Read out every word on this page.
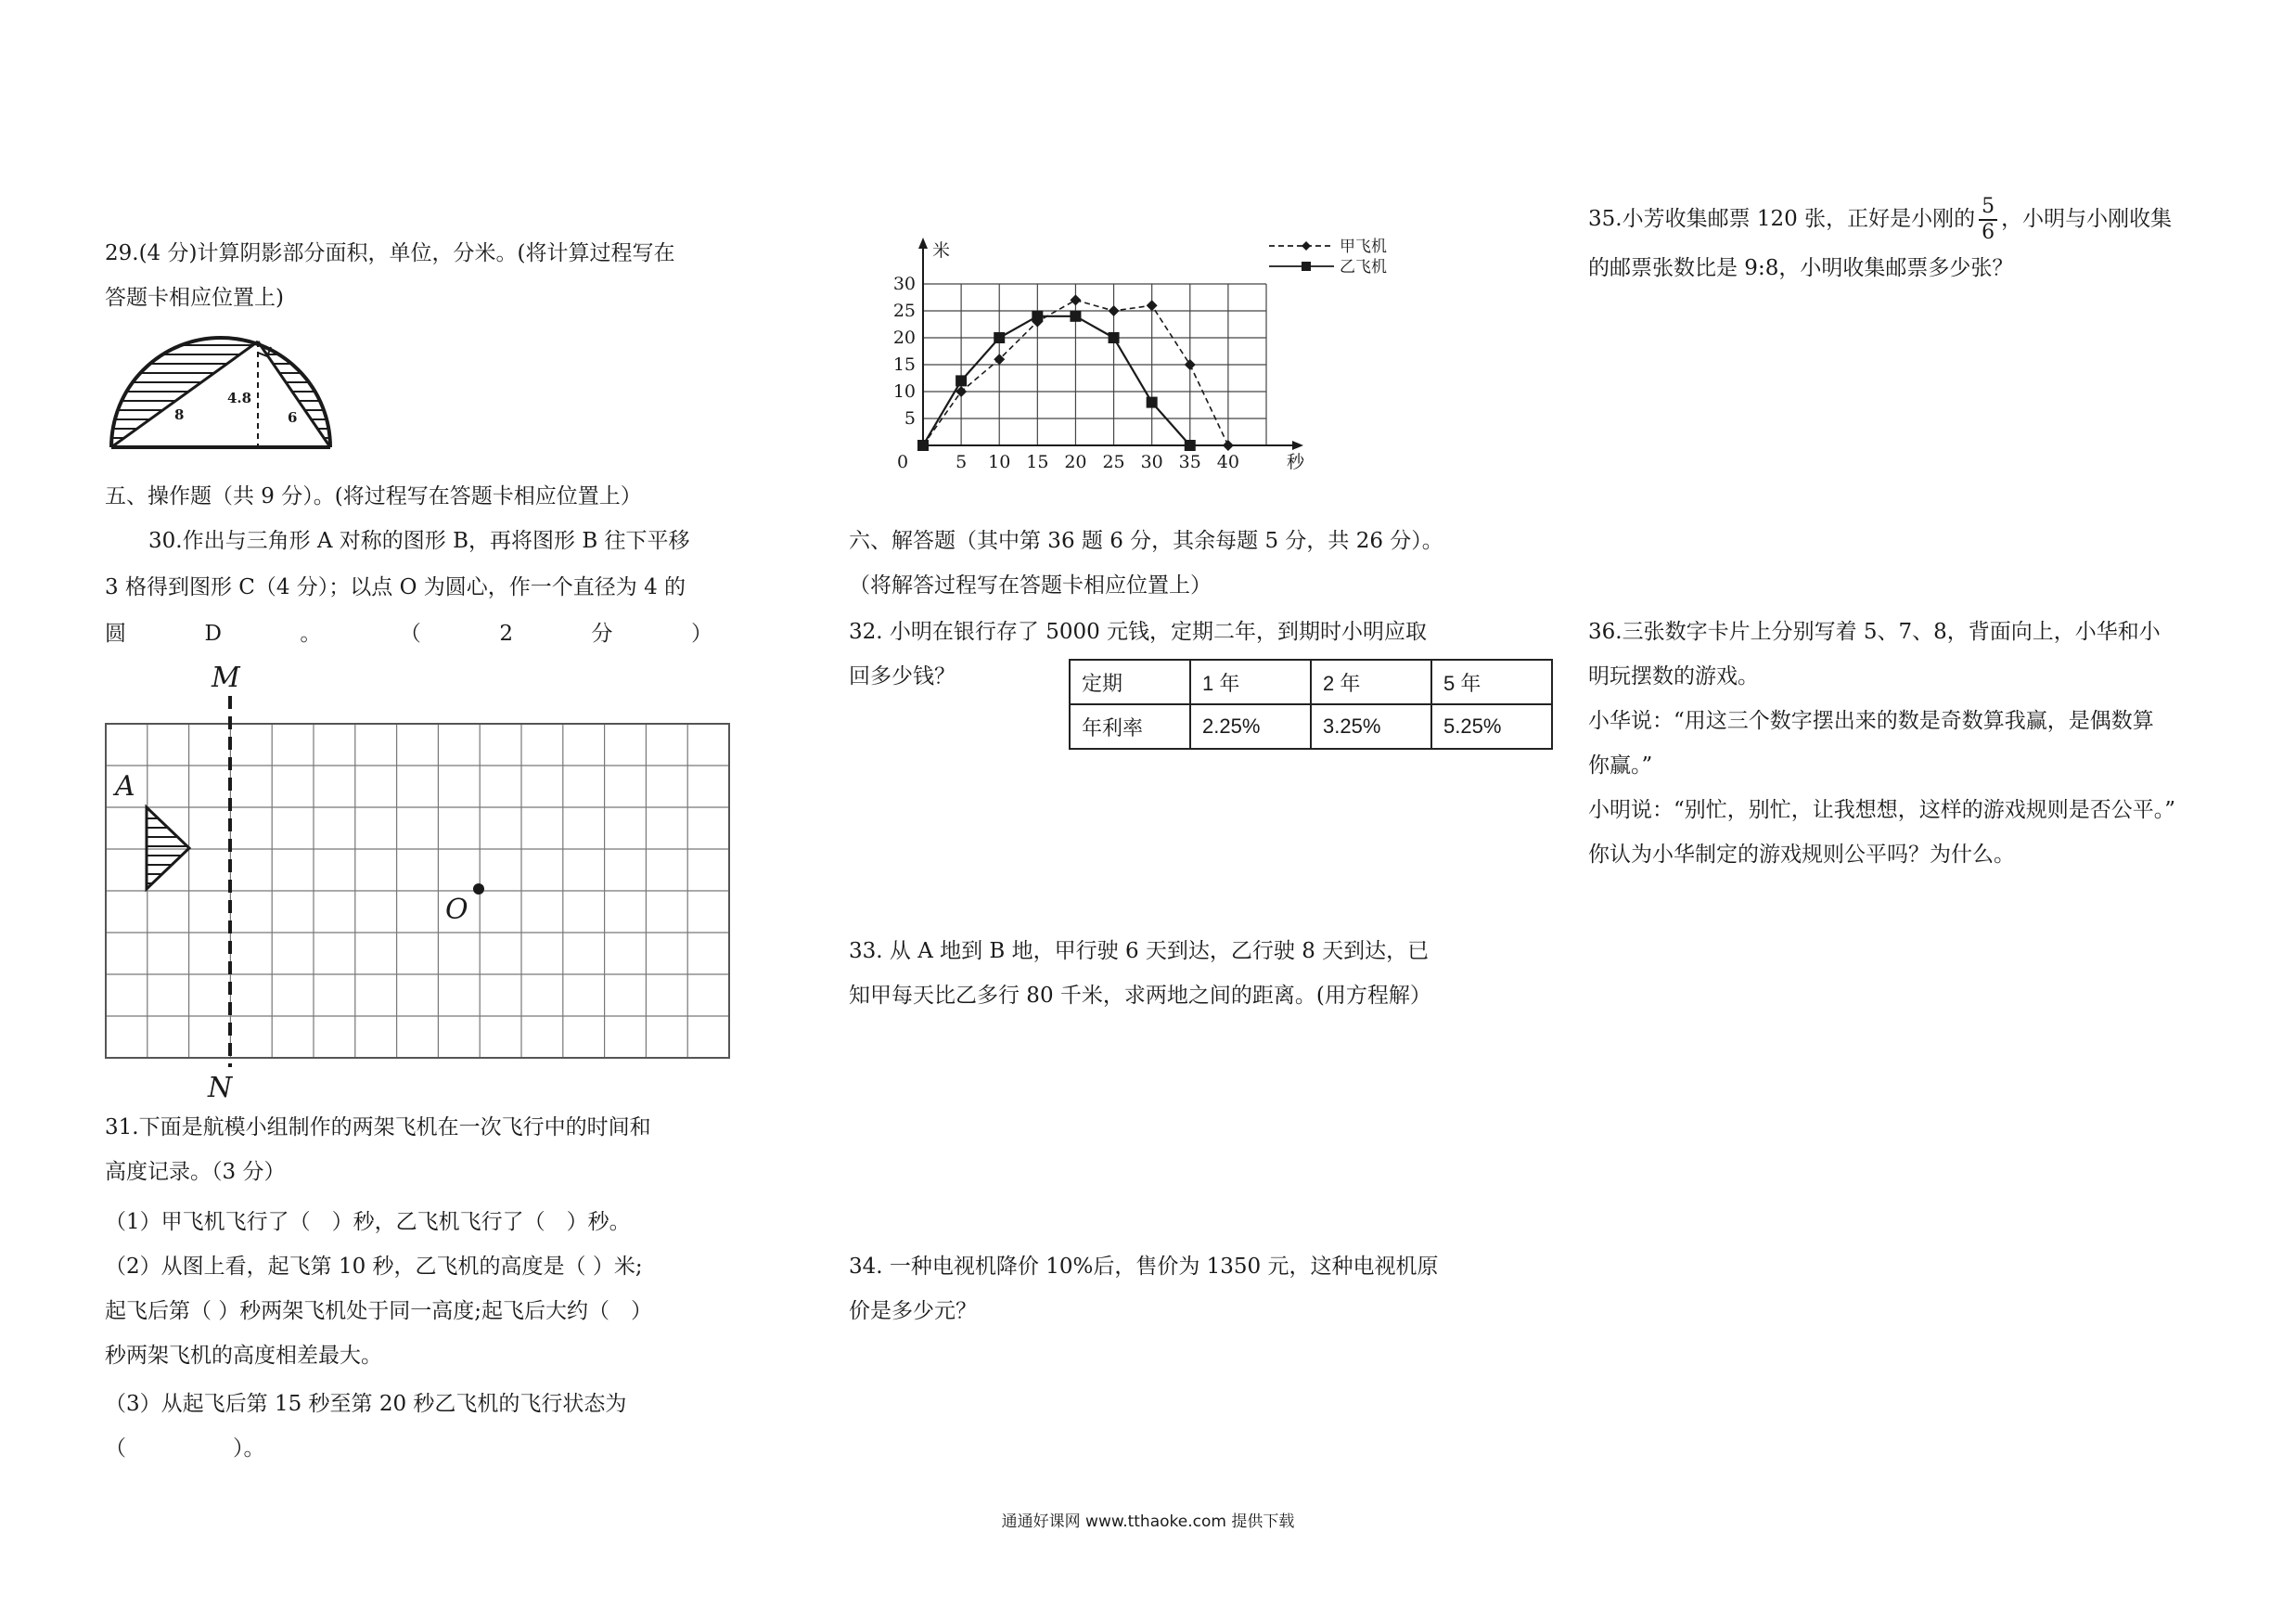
29.(4 分)计算阴影部分面积，单位，分米。(将计算过程写在
答题卡相应位置上)
4.8
8	6
五、操作题（共 9 分）。(将过程写在答题卡相应位置上）
30.作出与三角形 A 对称的图形 B，再将图形 B 往下平移
3 格得到图形 C（4 分）；以点 O 为圆心，作一个直径为 4 的
圆	D	。	（	2	分	）
M
N
A
O
31.下面是航模小组制作的两架飞机在一次飞行中的时间和
高度记录。（3 分）
（1）甲飞机飞行了（　）秒，乙飞机飞行了（　）秒。
（2）从图上看，起飞第 10 秒，乙飞机的高度是（ ）米;
起飞后第（ ）秒两架飞机处于同一高度;起飞后大约（　）
秒两架飞机的高度相差最大。
（3）从起飞后第 15 秒至第 20 秒乙飞机的飞行状态为
（　　　　　）。
0	5 10 15 20 25 30 35 40
5
10
15
20
25
30
秒
米	甲飞机
乙飞机
六、解答题（其中第 36 题 6 分，其余每题 5 分，共 26 分）。
（将解答过程写在答题卡相应位置上）
32. 小明在银行存了 5000 元钱，定期二年，到期时小明应取
回多少钱？	定期	1 年	2 年	5 年
年利率	2.25%	3.25%	5.25%
33. 从 A 地到 B 地，甲行驶 6 天到达，乙行驶 8 天到达，已
知甲每天比乙多行 80 千米，求两地之间的距离。(用方程解）
34. 一种电视机降价 10%后，售价为 1350 元，这种电视机原
价是多少元？
35.小芳收集邮票 120 张，正好是小刚的 $\frac{5}{6}$ ，小明与小刚收集
的邮票张数比是 9:8，小明收集邮票多少张？
36.三张数字卡片上分别写着 5、7、8，背面向上，小华和小
明玩摆数的游戏。
小华说：“用这三个数字摆出来的数是奇数算我赢，是偶数算
你赢。”
小明说：“别忙，别忙，让我想想，这样的游戏规则是否公平。”
你认为小华制定的游戏规则公平吗？为什么。
通通好课网 www.tthaoke.com 提供下载
